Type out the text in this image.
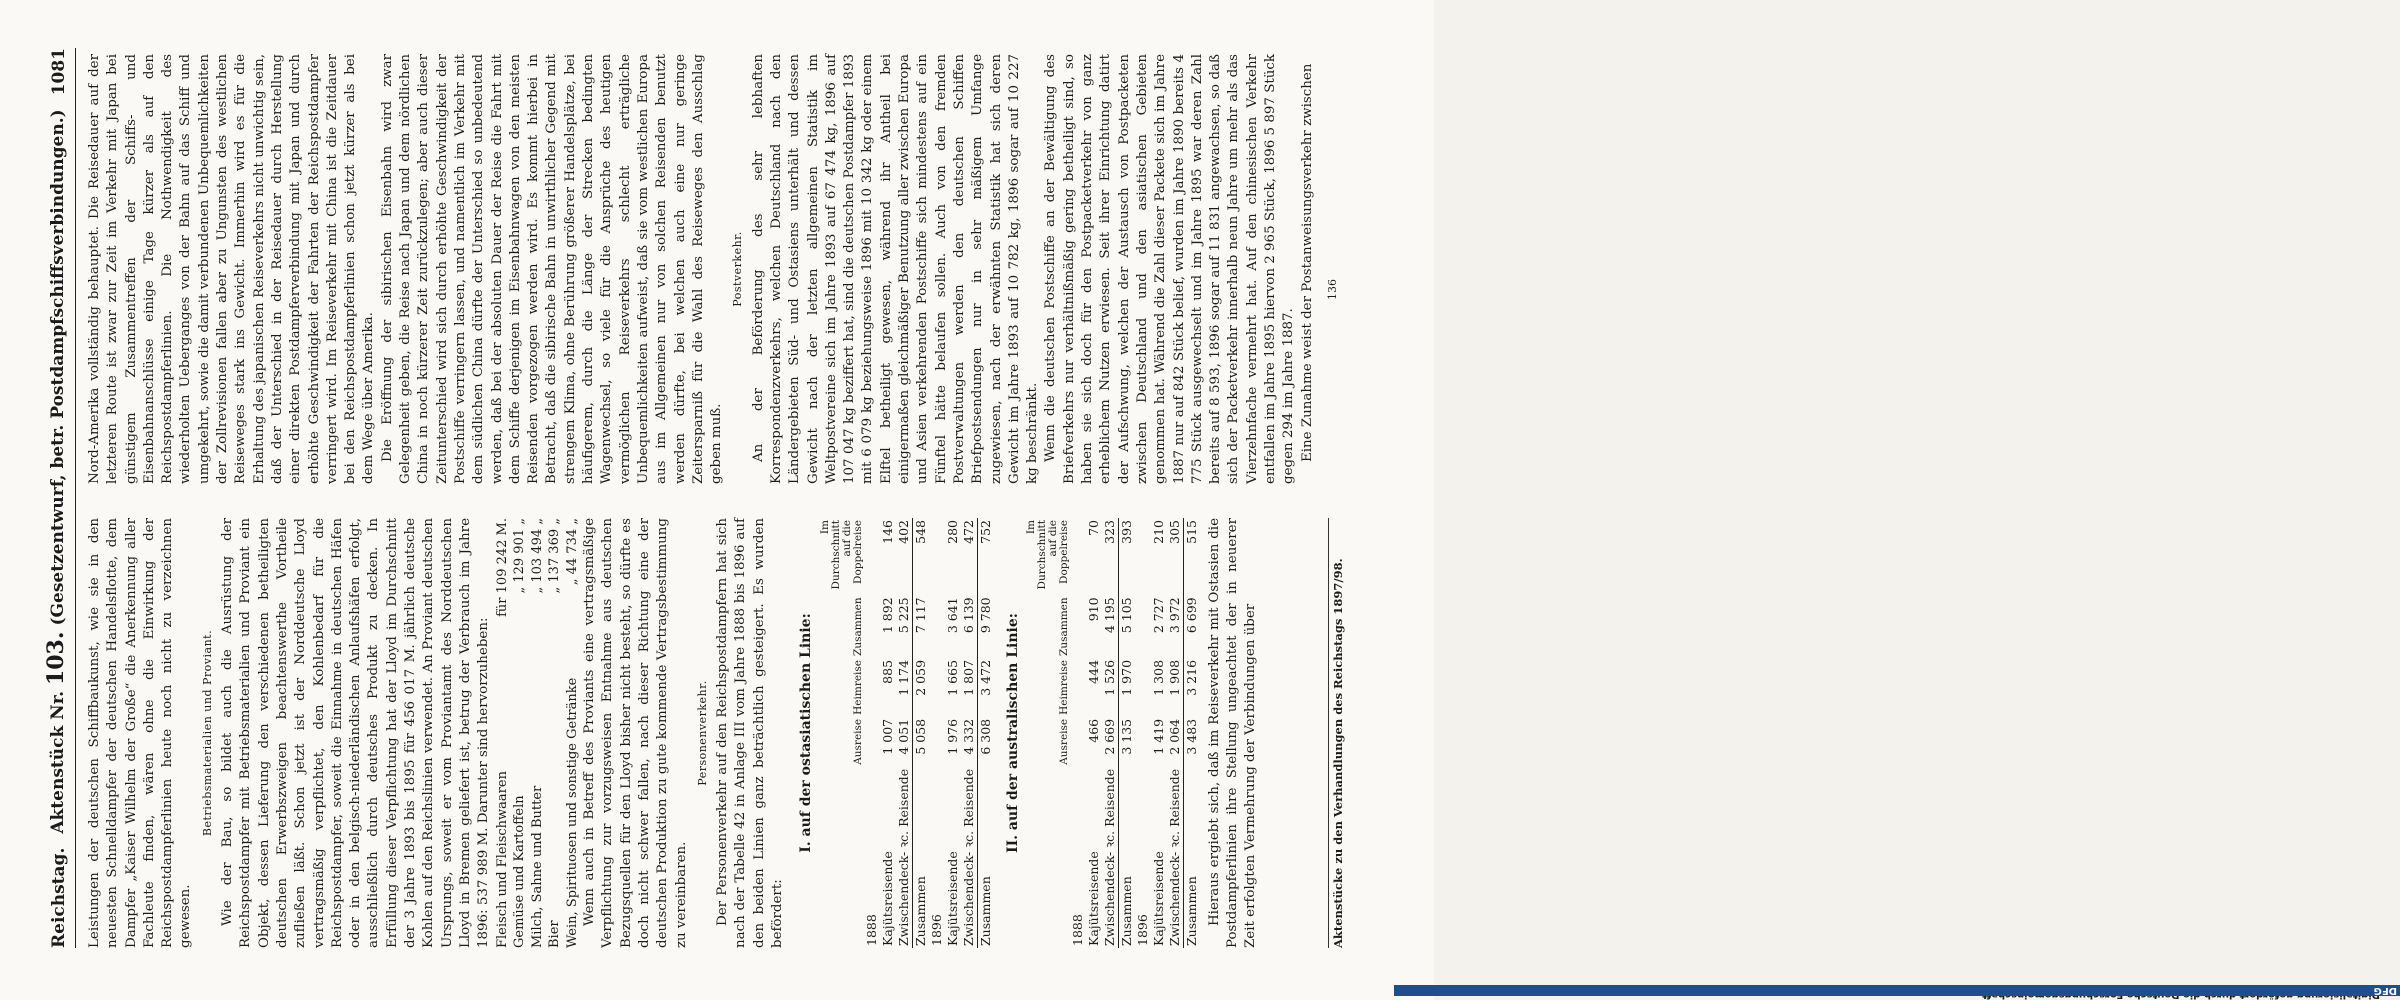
Reichstag.
Aktenstück Nr. 103. (Gesetzentwurf, betr. Postdampfschiffsverbindungen.)
1081

Leistungen der deutschen Schiffbaukunst, wie sie in den neuesten Schnelldampfer der deutschen Handelsflotte, dem Dampfer „Kaiser Wilhelm der Große“ die Anerkennung aller Fachleute finden, wären ohne die Einwirkung der Reichspostdampferlinien heute noch nicht zu verzeichnen gewesen.

Betriebsmaterialien und Proviant. Wie der Bau, so bildet auch die Ausrüstung der Reichspostdampfer mit Betriebsmaterialien und Proviant ein Objekt, dessen Lieferung den verschiedenen betheiligten deutschen Erwerbszweigen beachtenswerthe Vortheile zufließen läßt. Schon jetzt ist der Norddeutsche Lloyd vertragsmäßig verpflichtet, den Kohlenbedarf für die Reichspostdampfer, soweit die Einnahme in deutschen Häfen oder in den belgisch-niederländischen Anlaufshäfen erfolgt, ausschließlich durch deutsches Produkt zu decken. In Erfüllung dieser Verpflichtung hat der Lloyd im Durchschnitt der 3 Jahre 1893 bis 1895 für 456 017 M. jährlich deutsche Kohlen auf den Reichslinien verwendet. An Proviant deutschen Ursprungs, soweit er vom Proviantamt des Norddeutschen Lloyd in Bremen geliefert ist, betrug der Verbrauch im Jahre 1896: 537 989 M. Darunter sind hervorzuheben: Fleisch und Fleischwaaren	für 109 242 M.
Gemüse und Kartoffeln	„ 129 901 „
Milch, Sahne und Butter	„ 103 494 „
Bier	„ 137 369 „
Wein, Spirituosen und sonstige Getränke	„ 44 734 „ Wenn auch in Betreff des Proviants eine vertragsmäßige Verpflichtung zur vorzugsweisen Entnahme aus deutschen Bezugsquellen für den Lloyd bisher nicht besteht, so dürfte es doch nicht schwer fallen, nach dieser Richtung eine der deutschen Produktion zu gute kommende Vertragsbestimmung zu vereinbaren.

Personenverkehr. Der Personenverkehr auf den Reichspostdampfern hat sich nach der Tabelle 42 in Anlage III vom Jahre 1888 bis 1896 auf den beiden Linien ganz beträchtlich gesteigert. Es wurden befördert:

I. auf der ostasiatischen Linie:
		Ausreise	Heimreise	Zusammen	Im Durchschnitt auf die Doppelreise
1888				
Kajütsreisende	1 007	885	1 892	146
Zwischendeck- ꝛc. Reisende	4 051	1 174	5 225	402
Zusammen	5 058	2 059	7 117	548
1896				
Kajütsreisende	1 976	1 665	3 641	280
Zwischendeck- ꝛc. Reisende	4 332	1 807	6 139	472
Zusammen	6 308	3 472	9 780	752
II. auf der australischen Linie:
		Ausreise	Heimreise	Zusammen	Im Durchschnitt auf die Doppelreise
1888				
Kajütsreisende	466	444	910	70
Zwischendeck- ꝛc. Reisende	2 669	1 526	4 195	323
Zusammen	3 135	1 970	5 105	393
1896				
Kajütsreisende	1 419	1 308	2 727	210
Zwischendeck- ꝛc. Reisende	2 064	1 908	3 972	305
Zusammen	3 483	3 216	6 699	515 Hieraus ergiebt sich, daß im Reiseverkehr mit Ostasien die Postdampferlinien ihre Stellung ungeachtet der in neuerer Zeit erfolgten Vermehrung der Verbindungen über

Nord-Amerika vollständig behauptet. Die Reisedauer auf der letzteren Route ist zwar zur Zeit im Verkehr mit Japan bei günstigem Zusammentreffen der Schiffs- und Eisenbahnanschlüsse einige Tage kürzer als auf den Reichspostdampferlinien. Die Nothwendigkeit des wiederholten Ueberganges von der Bahn auf das Schiff und umgekehrt, sowie die damit verbundenen Unbequemlichkeiten der Zollrevisionen fallen aber zu Ungunsten des westlichen Reiseweges stark ins Gewicht. Immerhin wird es für die Erhaltung des japanischen Reiseverkehrs nicht unwichtig sein, daß der Unterschied in der Reisedauer durch Herstellung einer direkten Postdampferverbindung mit Japan und durch erhöhte Geschwindigkeit der Fahrten der Reichspostdampfer verringert wird. Im Reiseverkehr mit China ist die Zeitdauer bei den Reichspostdampferlinien schon jetzt kürzer als bei dem Wege über Amerika. Die Eröffnung der sibirischen Eisenbahn wird zwar Gelegenheit geben, die Reise nach Japan und dem nördlichen China in noch kürzerer Zeit zurückzulegen; aber auch dieser Zeitunterschied wird sich durch erhöhte Geschwindigkeit der Postschiffe verringern lassen, und namentlich im Verkehr mit dem südlichen China dürfte der Unterschied so unbedeutend werden, daß bei der absoluten Dauer der Reise die Fahrt mit dem Schiffe derjenigen im Eisenbahnwagen von den meisten Reisenden vorgezogen werden wird. Es kommt hierbei in Betracht, daß die sibirische Bahn in unwirthlicher Gegend mit strengem Klima, ohne Berührung größerer Handelsplätze, bei häufigerem, durch die Länge der Strecken bedingten Wagenwechsel, so viele für die Ansprüche des heutigen vermöglichen Reiseverkehrs schlecht erträgliche Unbequemlichkeiten aufweist, daß sie vom westlichen Europa aus im Allgemeinen nur von solchen Reisenden benutzt werden dürfte, bei welchen auch eine nur geringe Zeitersparniß für die Wahl des Reiseweges den Ausschlag geben muß.

Postverkehr. An der Beförderung des sehr lebhaften Korrespondenzverkehrs, welchen Deutschland nach den Ländergebieten Süd- und Ostasiens unterhält und dessen Gewicht nach der letzten allgemeinen Statistik im Weltpostvereine sich im Jahre 1893 auf 67 474 kg, 1896 auf 107 047 kg beziffert hat, sind die deutschen Postdampfer 1893 mit 6 079 kg beziehungsweise 1896 mit 10 342 kg oder einem Elftel betheiligt gewesen, während ihr Antheil bei einigermaßen gleichmäßiger Benutzung aller zwischen Europa und Asien verkehrenden Postschiffe sich mindestens auf ein Fünftel hätte belaufen sollen. Auch von den fremden Postverwaltungen werden den deutschen Schiffen Briefpostsendungen nur in sehr mäßigem Umfange zugewiesen, nach der erwähnten Statistik hat sich deren Gewicht im Jahre 1893 auf 10 782 kg, 1896 sogar auf 10 227 kg beschränkt. Wenn die deutschen Postschiffe an der Bewältigung des Briefverkehrs nur verhältnißmäßig gering betheiligt sind, so haben sie sich doch für den Postpacketverkehr von ganz erheblichem Nutzen erwiesen. Seit ihrer Einrichtung datirt der Aufschwung, welchen der Austausch von Postpacketen zwischen Deutschland und den asiatischen Gebieten genommen hat. Während die Zahl dieser Packete sich im Jahre 1887 nur auf 842 Stück belief, wurden im Jahre 1890 bereits 4 775 Stück ausgewechselt und im Jahre 1895 war deren Zahl bereits auf 8 593, 1896 sogar auf 11 831 angewachsen, so daß sich der Packetverkehr innerhalb neun Jahre um mehr als das Vierzehnfache vermehrt hat. Auf den chinesischen Verkehr entfallen im Jahre 1895 hiervon 2 965 Stück, 1896 5 897 Stück gegen 294 im Jahre 1887. Eine Zunahme weist der Postanweisungsverkehr zwischen

Aktenstücke zu den Verhandlungen des Reichstags 1897/98.
136
DFG
